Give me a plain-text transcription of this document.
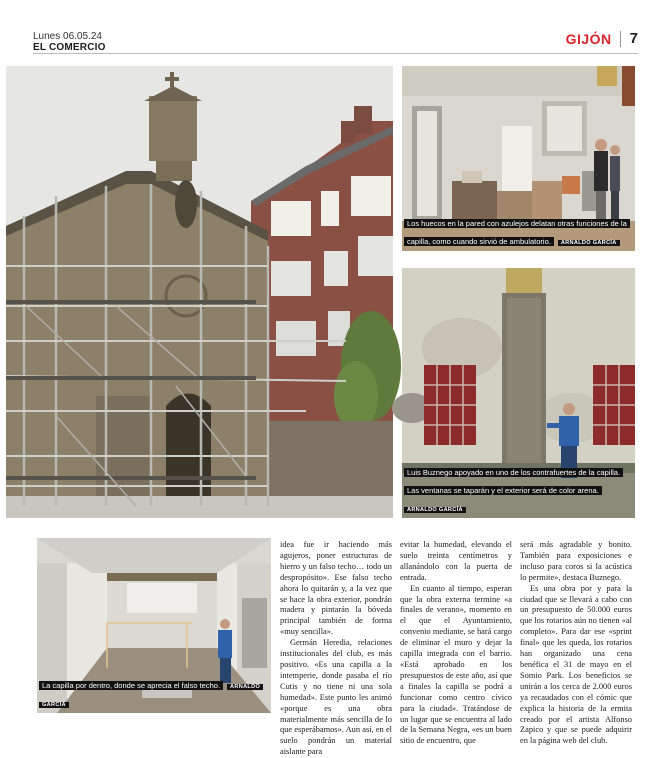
Lunes 06.05.24
EL COMERCIO
GIJÓN 7
Los huecos en la pared con azulejos delatan otras funciones de la capilla, como cuando sirvió de ambulatorio. ARNALDO GARCÍA
Luis Buznego apoyado en uno de los contrafuertes de la capilla. Las ventanas se taparán y el exterior será de color arena. ARNALDO GARCÍA
La capilla por dentro, donde se aprecia el falso techo. ARNALDO GARCÍA

idea fue ir haciendo más agujeros, poner estructuras de hierro y un falso techo… todo un despropósito». Ese falso techo ahora lo quitarán y, a la vez que se hace la obra exterior, pondrán madera y pintarán la bóveda principal también de forma «muy sencilla».

Germán Heredia, relaciones institucionales del club, es más positivo. «Es una capilla a la intemperie, donde pasaba el río Cutis y no tiene ni una sola humedad». Este punto les animó «porque es una obra materialmente más sencilla de lo que esperábamos». Aun así, en el suelo pondrán un material aislante para

evitar la humedad, elevando el suelo treinta centímetros y allanándolo con la puerta de entrada.

En cuanto al tiempo, esperan que la obra externa termine «a finales de verano», momento en el que el Ayuntamiento, convenio mediante, se hará cargo de eliminar el muro y dejar la capilla integrada con el barrio. «Está aprobado en los presupuestos de este año, así que a finales la capilla se podrá a funcionar como centro cívico para la ciudad». Tratándose de un lugar que se encuentra al lado de la Semana Negra, «es un buen sitio de encuentro, que

será más agradable y bonito. También para exposiciones e incluso para coros si la acústica lo permite», destaca Buznego.

Es una obra por y para la ciudad que se llevará a cabo con un presupuesto de 50.000 euros que los rotarios aún no tienen «al completo». Para dar ese «sprint final» que les queda, los rotarios han organizado una cena benéfica el 31 de mayo en el Somio Park. Los beneficios se unirán a los cerca de 2.000 euros ya recaudados con el cómic que explica la historia de la ermita creado por el artista Alfonso Zapico y que se puede adquirir en la página web del club.
